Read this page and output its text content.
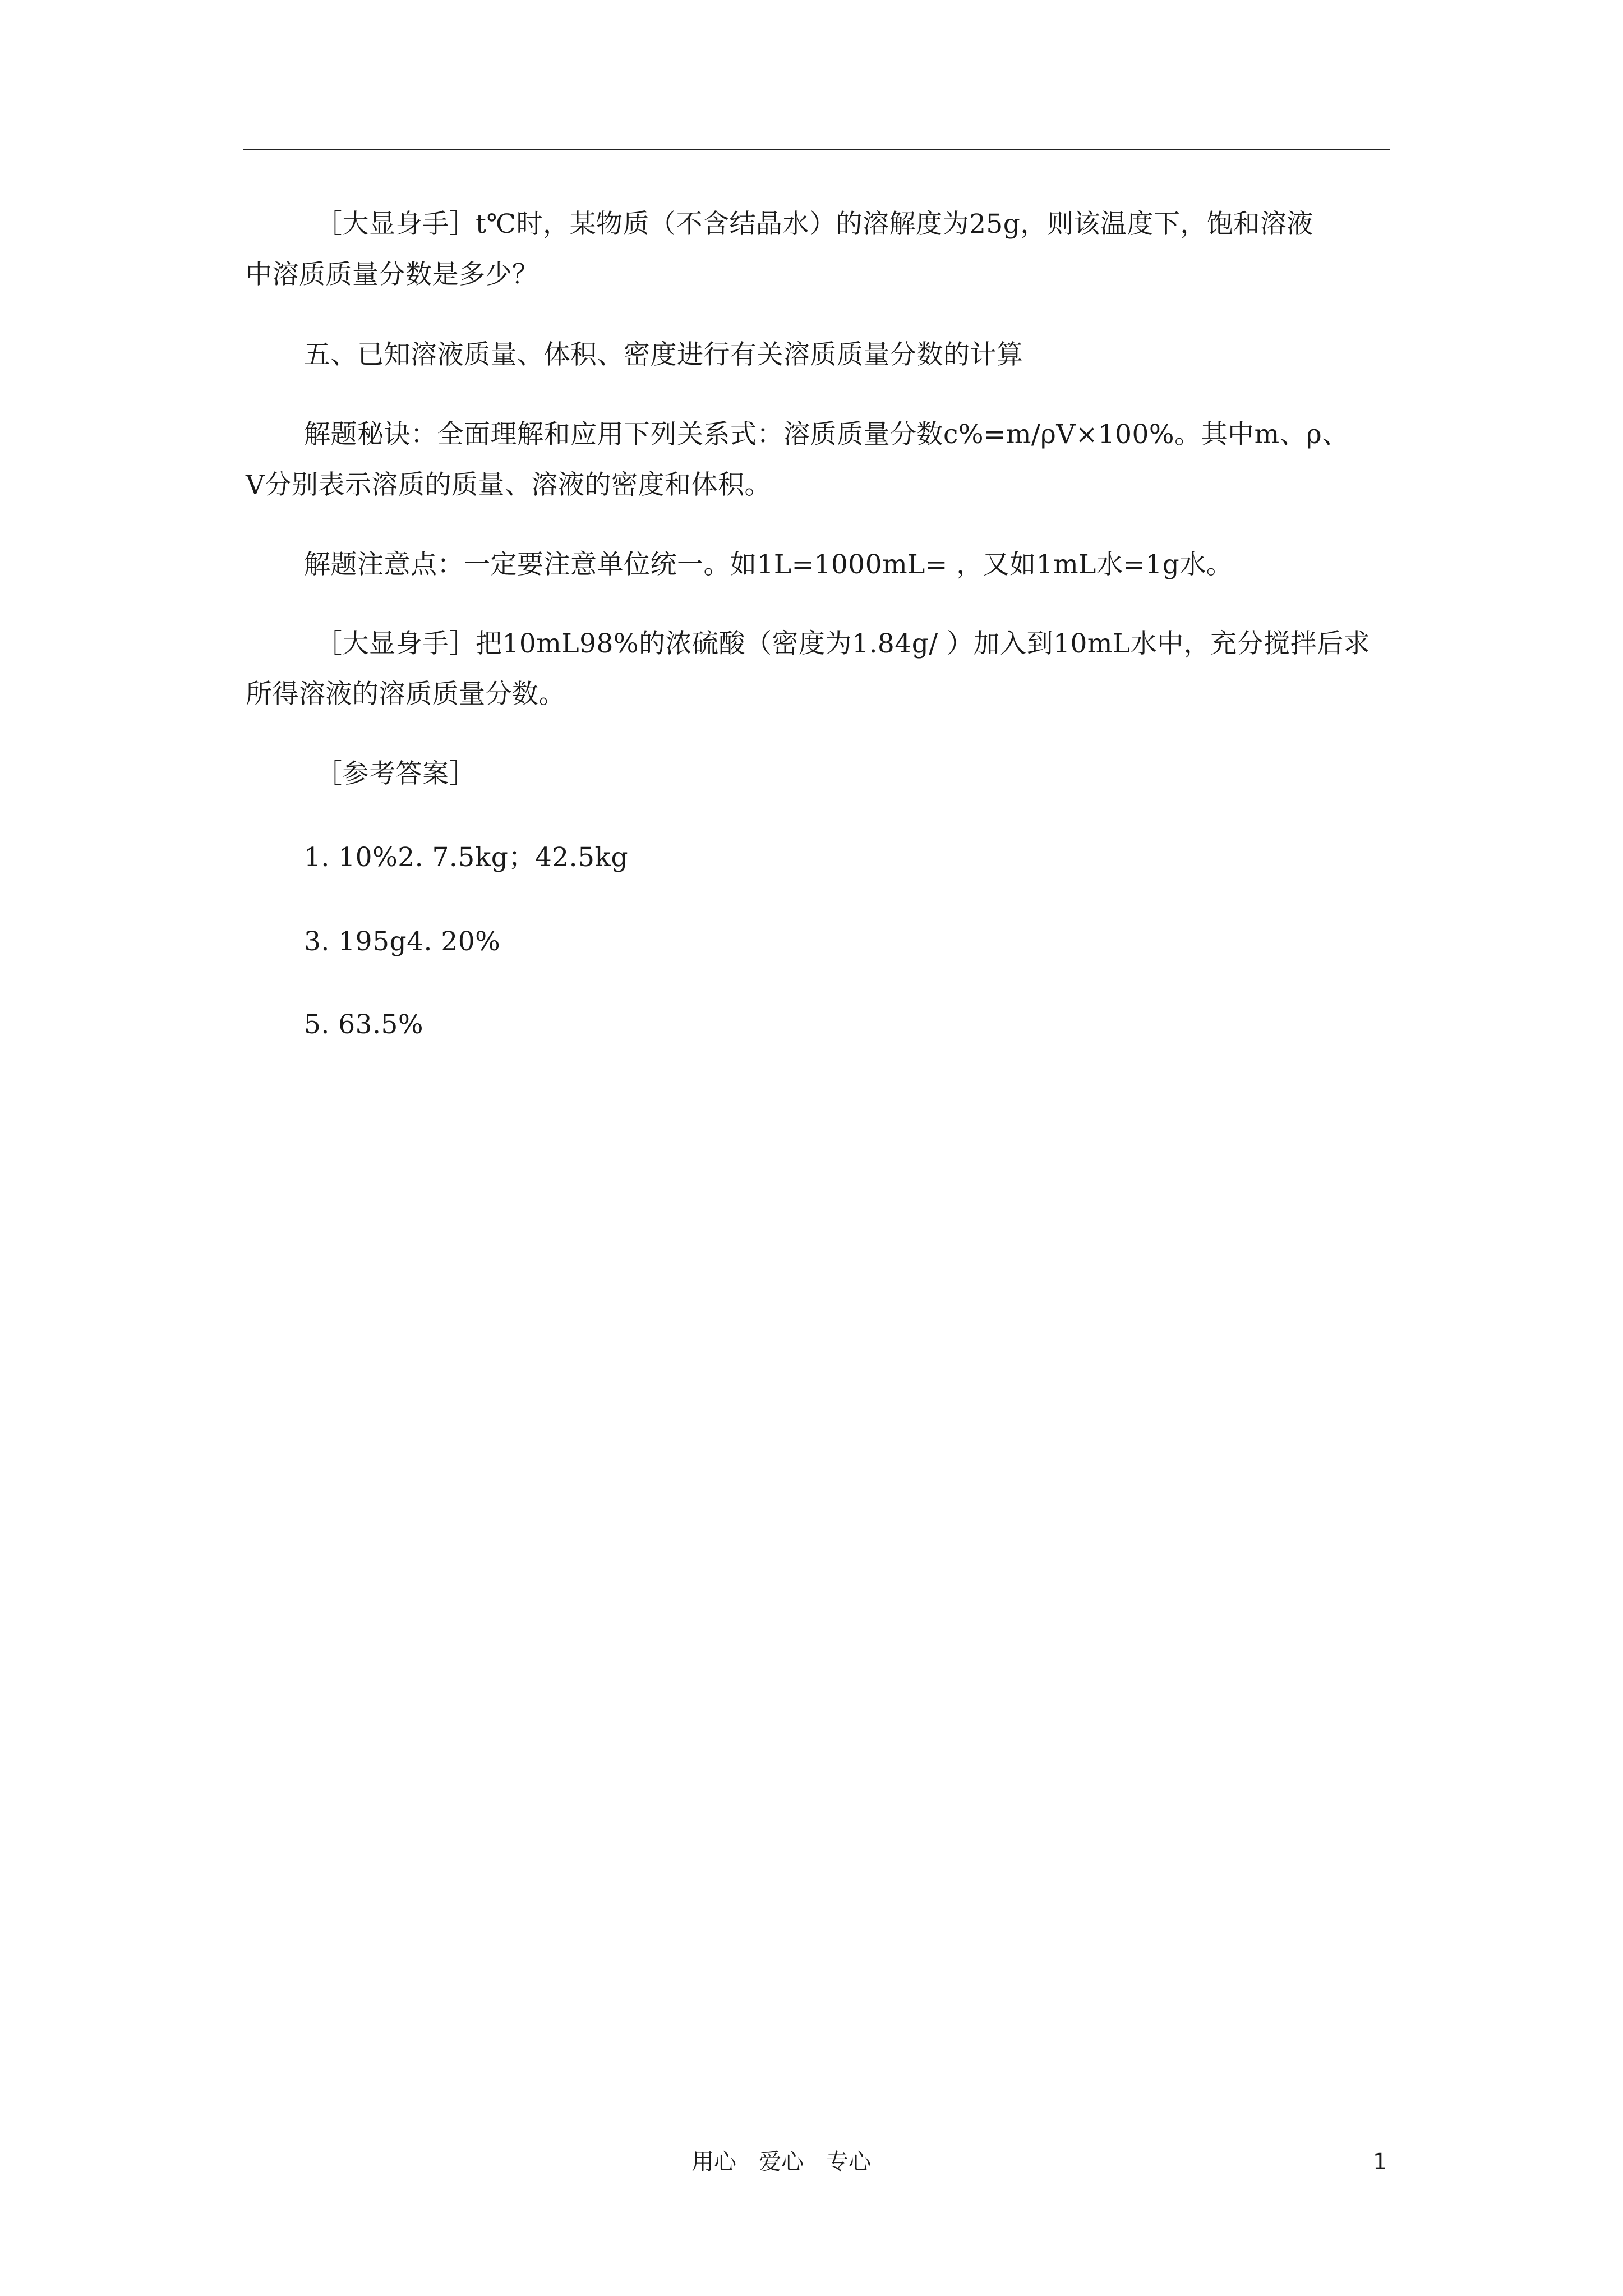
［大显身手］t℃时，某物质（不含结晶水）的溶解度为25g，则该温度下，饱和溶液
中溶质质量分数是多少？
五、已知溶液质量、体积、密度进行有关溶质质量分数的计算
解题秘诀：全面理解和应用下列关系式：溶质质量分数c%=m/ρV×100%。其中m、ρ、
V分别表示溶质的质量、溶液的密度和体积。
解题注意点：一定要注意单位统一。如1L=1000mL= ，又如1mL水=1g水。
［大显身手］把10mL98%的浓硫酸（密度为1.84g/ ）加入到10mL水中，充分搅拌后求
所得溶液的溶质质量分数。
［参考答案］
1. 10%2. 7.5kg；42.5kg
3. 195g4. 20%
5. 63.5%
用心　爱心　专心	1
